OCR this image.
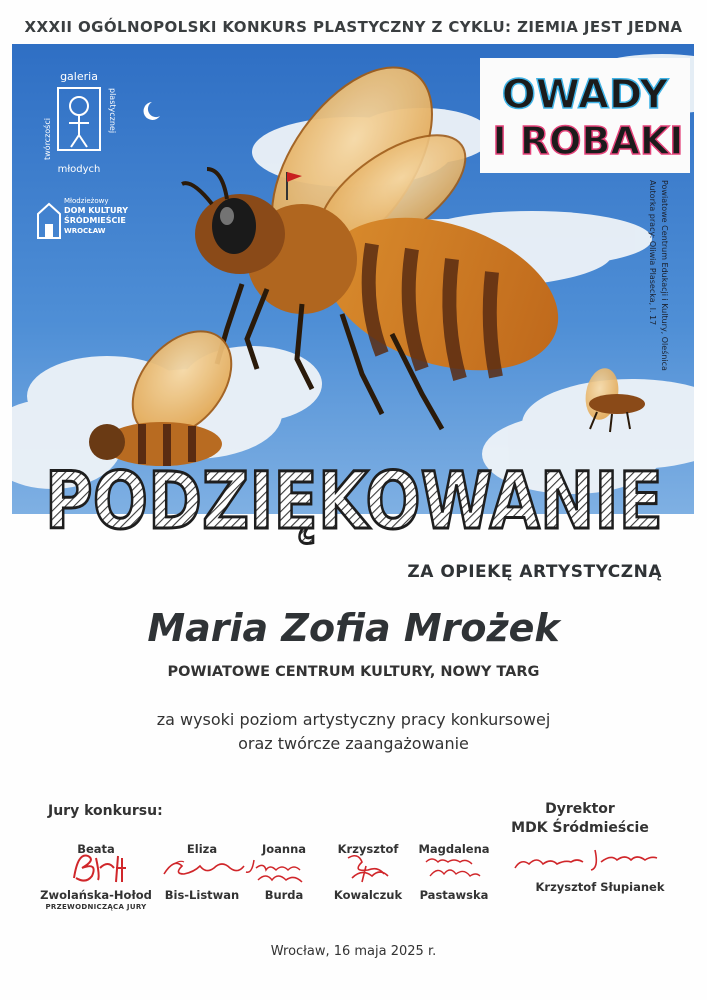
XXXII OGÓLNOPOLSKI KONKURS PLASTYCZNY Z CYKLU: ZIEMIA JEST JEDNA
galeria
młodych
twórczości
plastycznej
Młodzieżowy
DOM KULTURY
ŚRÓDMIEŚCIE
WROCŁAW
OWADY
I ROBAKI
Autorka pracy: Oliwia Plasecka, l. 17 Powiatowe Centrum Edukacji i Kultury, Oleśnica
PODZIĘKOWANIE
ZA OPIEKĘ ARTYSTYCZNĄ
Maria Zofia Mrożek
POWIATOWE CENTRUM KULTURY, NOWY TARG
za wysoki poziom artystyczny pracy konkursowej
oraz twórcze zaangażowanie
Jury konkursu:	Dyrektor
MDK Śródmieście
Beata
Zwolańska-Hołod
PRZEWODNICZĄCA JURY
Eliza
Bis-Listwan
Joanna
Burda
Krzysztof
Kowalczuk
Magdalena
Pastawska
Krzysztof Słupianek
Wrocław, 16 maja 2025 r.
